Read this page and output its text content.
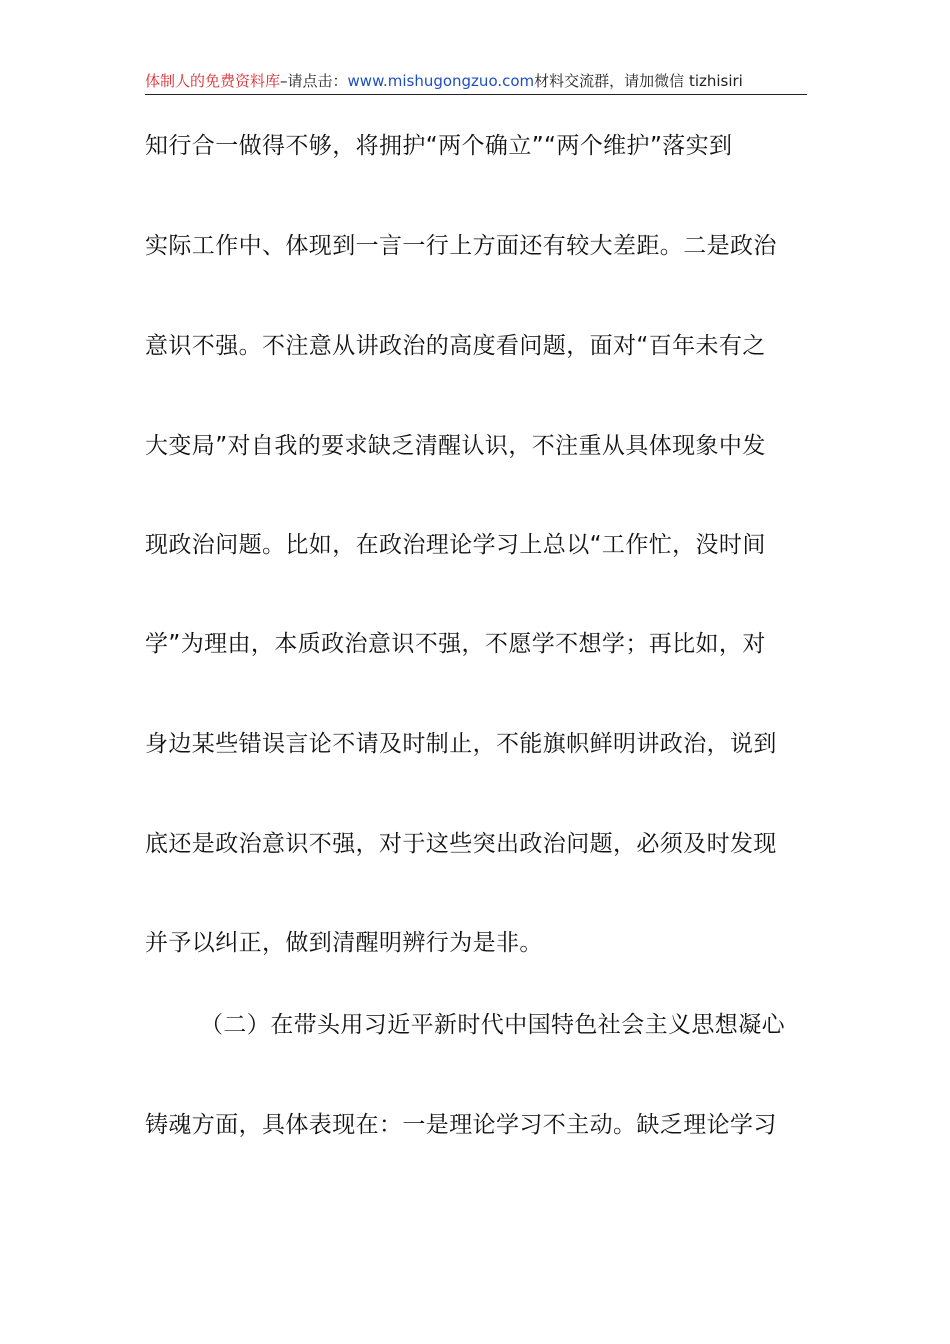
体制人的免费资料库–请点击：www.mishugongzuo.com材料交流群，请加微信 tizhisiri
知行合一做得不够，将拥护“两个确立”“两个维护”落实到
实际工作中、体现到一言一行上方面还有较大差距。二是政治
意识不强。不注意从讲政治的高度看问题，面对“百年未有之
大变局”对自我的要求缺乏清醒认识，不注重从具体现象中发
现政治问题。比如，在政治理论学习上总以“工作忙，没时间
学”为理由，本质政治意识不强，不愿学不想学；再比如，对
身边某些错误言论不请及时制止，不能旗帜鲜明讲政治，说到
底还是政治意识不强，对于这些突出政治问题，必须及时发现
并予以纠正，做到清醒明辨行为是非。
（二）在带头用习近平新时代中国特色社会主义思想凝心
铸魂方面，具体表现在：一是理论学习不主动。缺乏理论学习
